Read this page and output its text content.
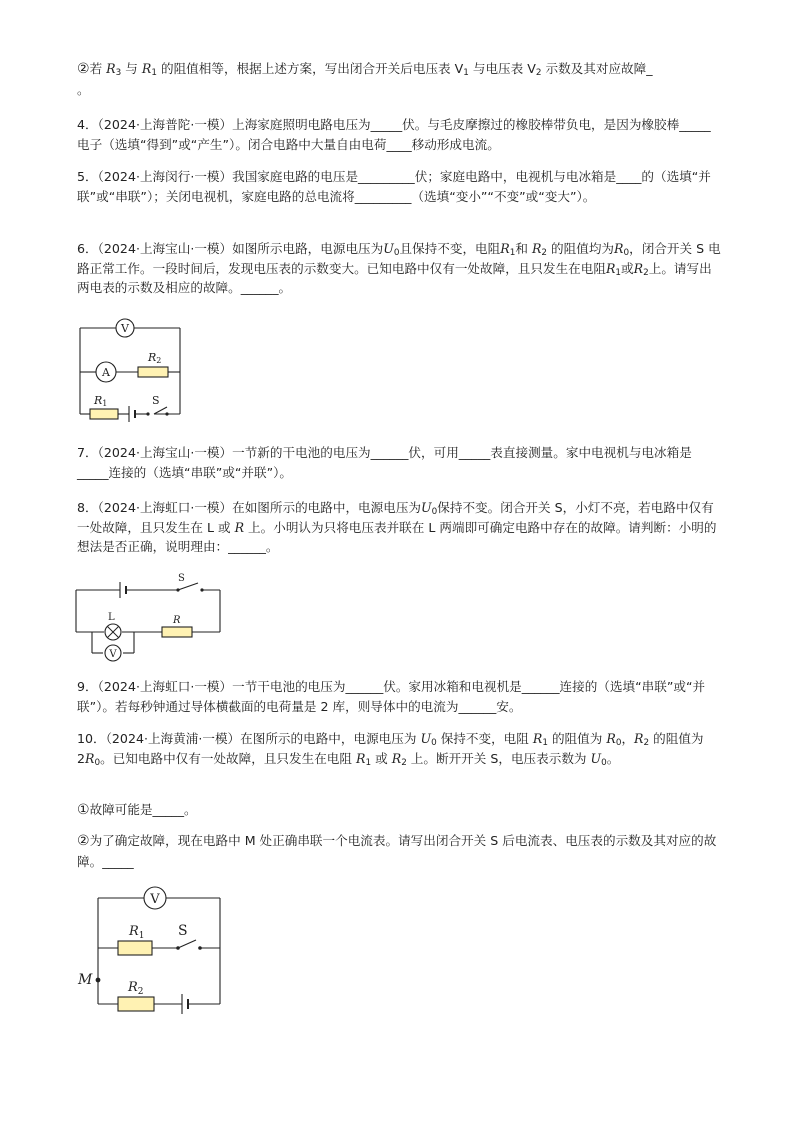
②若 $R_3$ 与 $R_1$ 的阻值相等，根据上述方案，写出闭合开关后电压表 $V_1$ 与电压表 $V_2$ 示数及其对应故障_
。

4．（2024·上海普陀·一模）上海家庭照明电路电压为_____伏。与毛皮摩擦过的橡胶棒带负电，是因为橡胶棒_____电子（选填“得到”或“产生”）。闭合电路中大量自由电荷____移动形成电流。

5．（2024·上海闵行·一模）我国家庭电路的电压是_________伏；家庭电路中，电视机与电冰箱是____的（选填“并联”或“串联”）；关闭电视机，家庭电路的总电流将_________（选填“变小”“不变”或“变大”）。

6．（2024·上海宝山·一模）如图所示电路，电源电压为$U_0$且保持不变，电阻$R_1$和 $R_2$ 的阻值均为$R_0$，闭合开关 S 电路正常工作。一段时间后，发现电压表的示数变大。已知电路中仅有一处故障，且只发生在电阻$R_1$或$R_2$上。请写出两电表的示数及相应的故障。______。

V
A
R2
R1	S

7．（2024·上海宝山·一模）一节新的干电池的电压为______伏，可用_____表直接测量。家中电视机与电冰箱是_____连接的（选填“串联”或“并联”）。

8．（2024·上海虹口·一模）在如图所示的电路中，电源电压为$U_0$保持不变。闭合开关 S，小灯不亮，若电路中仅有一处故障，且只发生在 L 或 R 上。小明认为只将电压表并联在 L 两端即可确定电路中存在的故障。请判断：小明的想法是否正确，说明理由：______。

S
L	R
V

9．（2024·上海虹口·一模）一节干电池的电压为______伏。家用冰箱和电视机是______连接的（选填“串联”或“并联”）。若每秒钟通过导体横截面的电荷量是 2 库，则导体中的电流为______安。

10．（2024·上海黄浦·一模）在图所示的电路中，电源电压为 $U_0$ 保持不变，电阻 $R_1$ 的阻值为 $R_0$，$R_2$ 的阻值为 $2R_0$。已知电路中仅有一处故障，且只发生在电阻 $R_1$ 或 $R_2$ 上。断开开关 S，电压表示数为 $U_0$。

①故障可能是_____。

②为了确定故障，现在电路中 M 处正确串联一个电流表。请写出闭合开关 S 后电流表、电压表的示数及其对应的故障。_____

V
$R_1$ S
M	$R_2$
